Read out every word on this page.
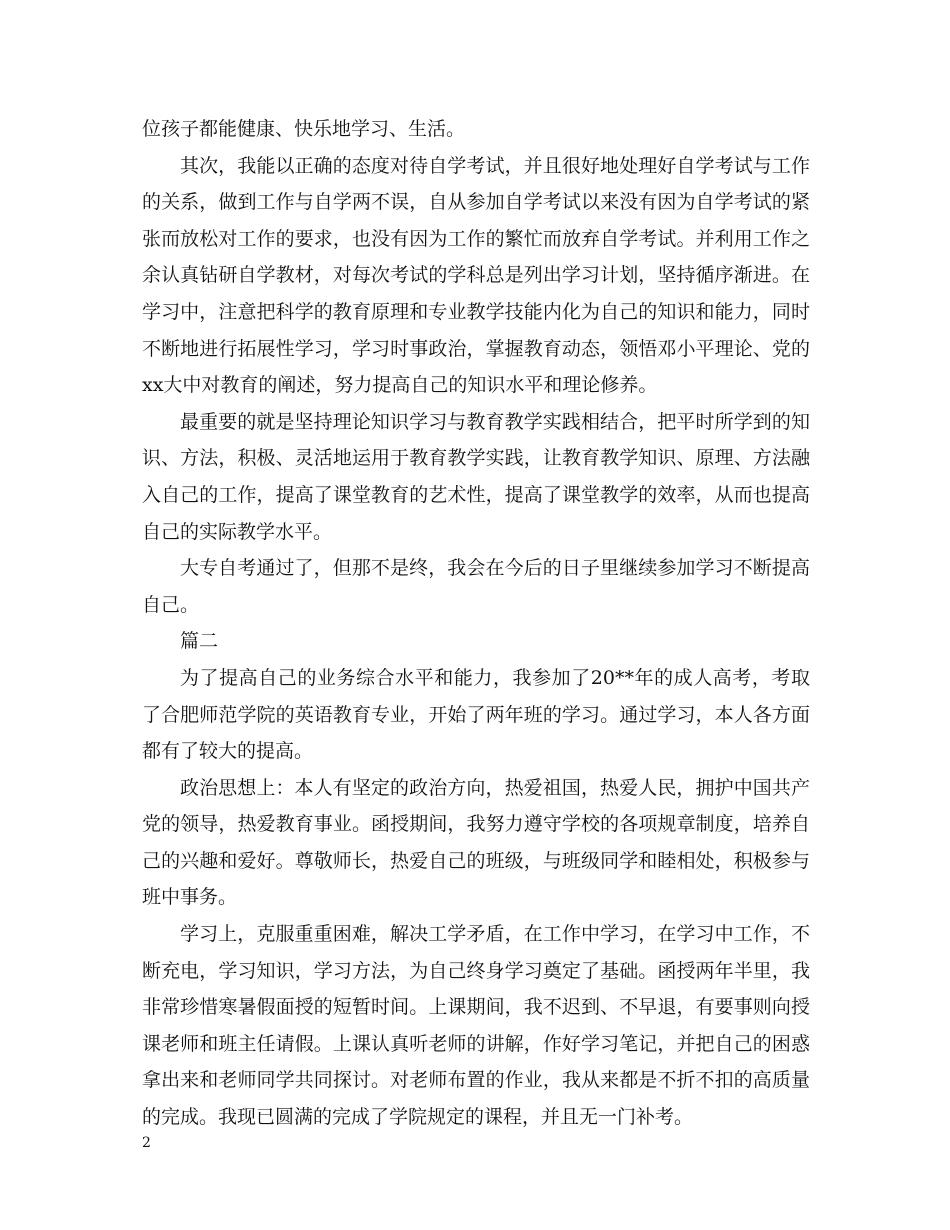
位孩子都能健康、快乐地学习、生活。

其次，我能以正确的态度对待自学考试，并且很好地处理好自学考试与工作的关系，做到工作与自学两不误，自从参加自学考试以来没有因为自学考试的紧张而放松对工作的要求，也没有因为工作的繁忙而放弃自学考试。并利用工作之余认真钻研自学教材，对每次考试的学科总是列出学习计划，坚持循序渐进。在学习中，注意把科学的教育原理和专业教学技能内化为自己的知识和能力，同时不断地进行拓展性学习，学习时事政治，掌握教育动态，领悟邓小平理论、党的xx大中对教育的阐述，努力提高自己的知识水平和理论修养。

最重要的就是坚持理论知识学习与教育教学实践相结合，把平时所学到的知识、方法，积极、灵活地运用于教育教学实践，让教育教学知识、原理、方法融入自己的工作，提高了课堂教育的艺术性，提高了课堂教学的效率，从而也提高自己的实际教学水平。

大专自考通过了，但那不是终，我会在今后的日子里继续参加学习不断提高自己。

篇二

为了提高自己的业务综合水平和能力，我参加了20**年的成人高考，考取了合肥师范学院的英语教育专业，开始了两年班的学习。通过学习，本人各方面都有了较大的提高。

政治思想上：本人有坚定的政治方向，热爱祖国，热爱人民，拥护中国共产党的领导，热爱教育事业。函授期间，我努力遵守学校的各项规章制度，培养自己的兴趣和爱好。尊敬师长，热爱自己的班级，与班级同学和睦相处，积极参与班中事务。

学习上，克服重重困难，解决工学矛盾，在工作中学习，在学习中工作，不断充电，学习知识，学习方法，为自己终身学习奠定了基础。函授两年半里，我非常珍惜寒暑假面授的短暂时间。上课期间，我不迟到、不早退，有要事则向授课老师和班主任请假。上课认真听老师的讲解，作好学习笔记，并把自己的困惑拿出来和老师同学共同探讨。对老师布置的作业，我从来都是不折不扣的高质量的完成。我现已圆满的完成了学院规定的课程，并且无一门补考。

2
